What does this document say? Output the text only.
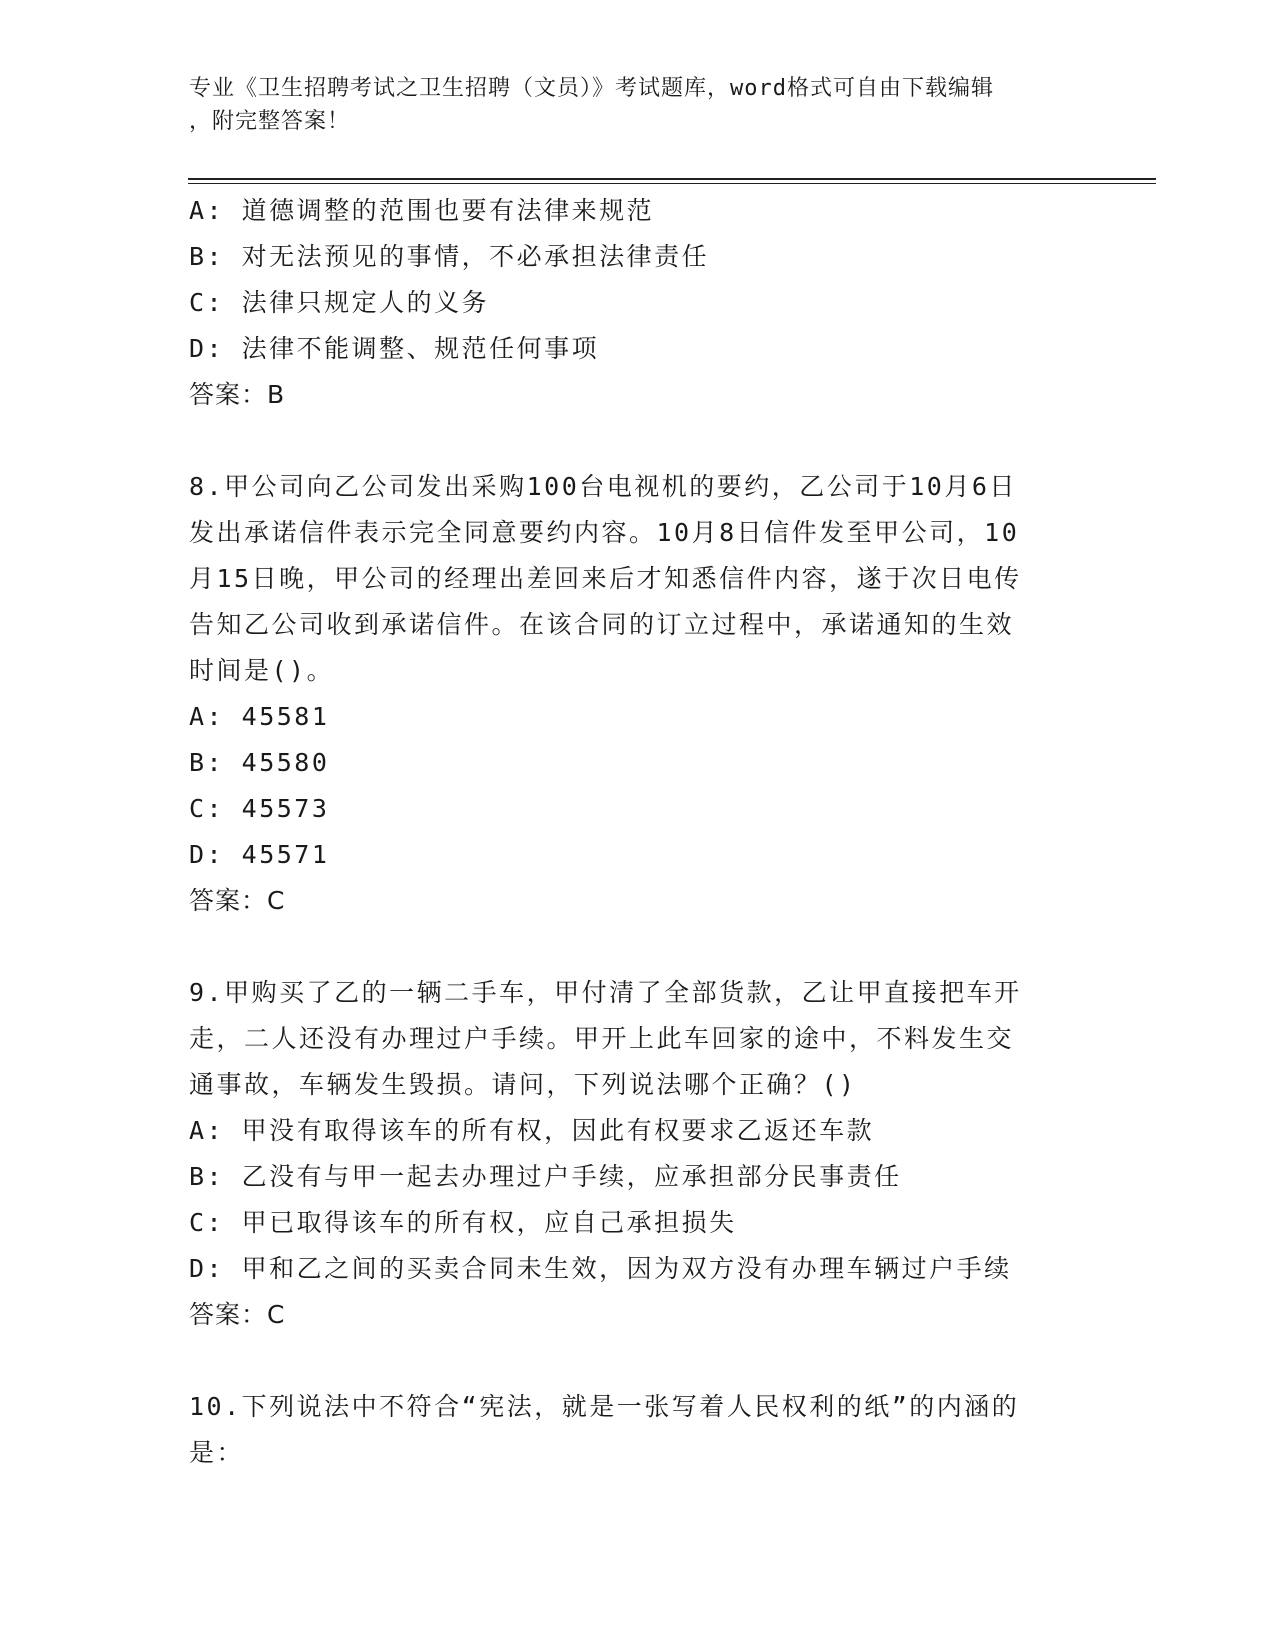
专业《卫生招聘考试之卫生招聘（文员）》考试题库，word格式可自由下载编辑
，附完整答案！
A: 道德调整的范围也要有法律来规范
B: 对无法预见的事情，不必承担法律责任
C: 法律只规定人的义务
D: 法律不能调整、规范任何事项
答案：B
8.甲公司向乙公司发出采购100台电视机的要约，乙公司于10月6日
发出承诺信件表示完全同意要约内容。10月8日信件发至甲公司，10
月15日晚，甲公司的经理出差回来后才知悉信件内容，遂于次日电传
告知乙公司收到承诺信件。在该合同的订立过程中，承诺通知的生效
时间是()。
A: 45581
B: 45580
C: 45573
D: 45571
答案：C
9.甲购买了乙的一辆二手车，甲付清了全部货款，乙让甲直接把车开
走，二人还没有办理过户手续。甲开上此车回家的途中，不料发生交
通事故，车辆发生毁损。请问，下列说法哪个正确？()
A: 甲没有取得该车的所有权，因此有权要求乙返还车款
B: 乙没有与甲一起去办理过户手续，应承担部分民事责任
C: 甲已取得该车的所有权，应自己承担损失
D: 甲和乙之间的买卖合同未生效，因为双方没有办理车辆过户手续
答案：C
10.下列说法中不符合“宪法，就是一张写着人民权利的纸”的内涵的
是：
